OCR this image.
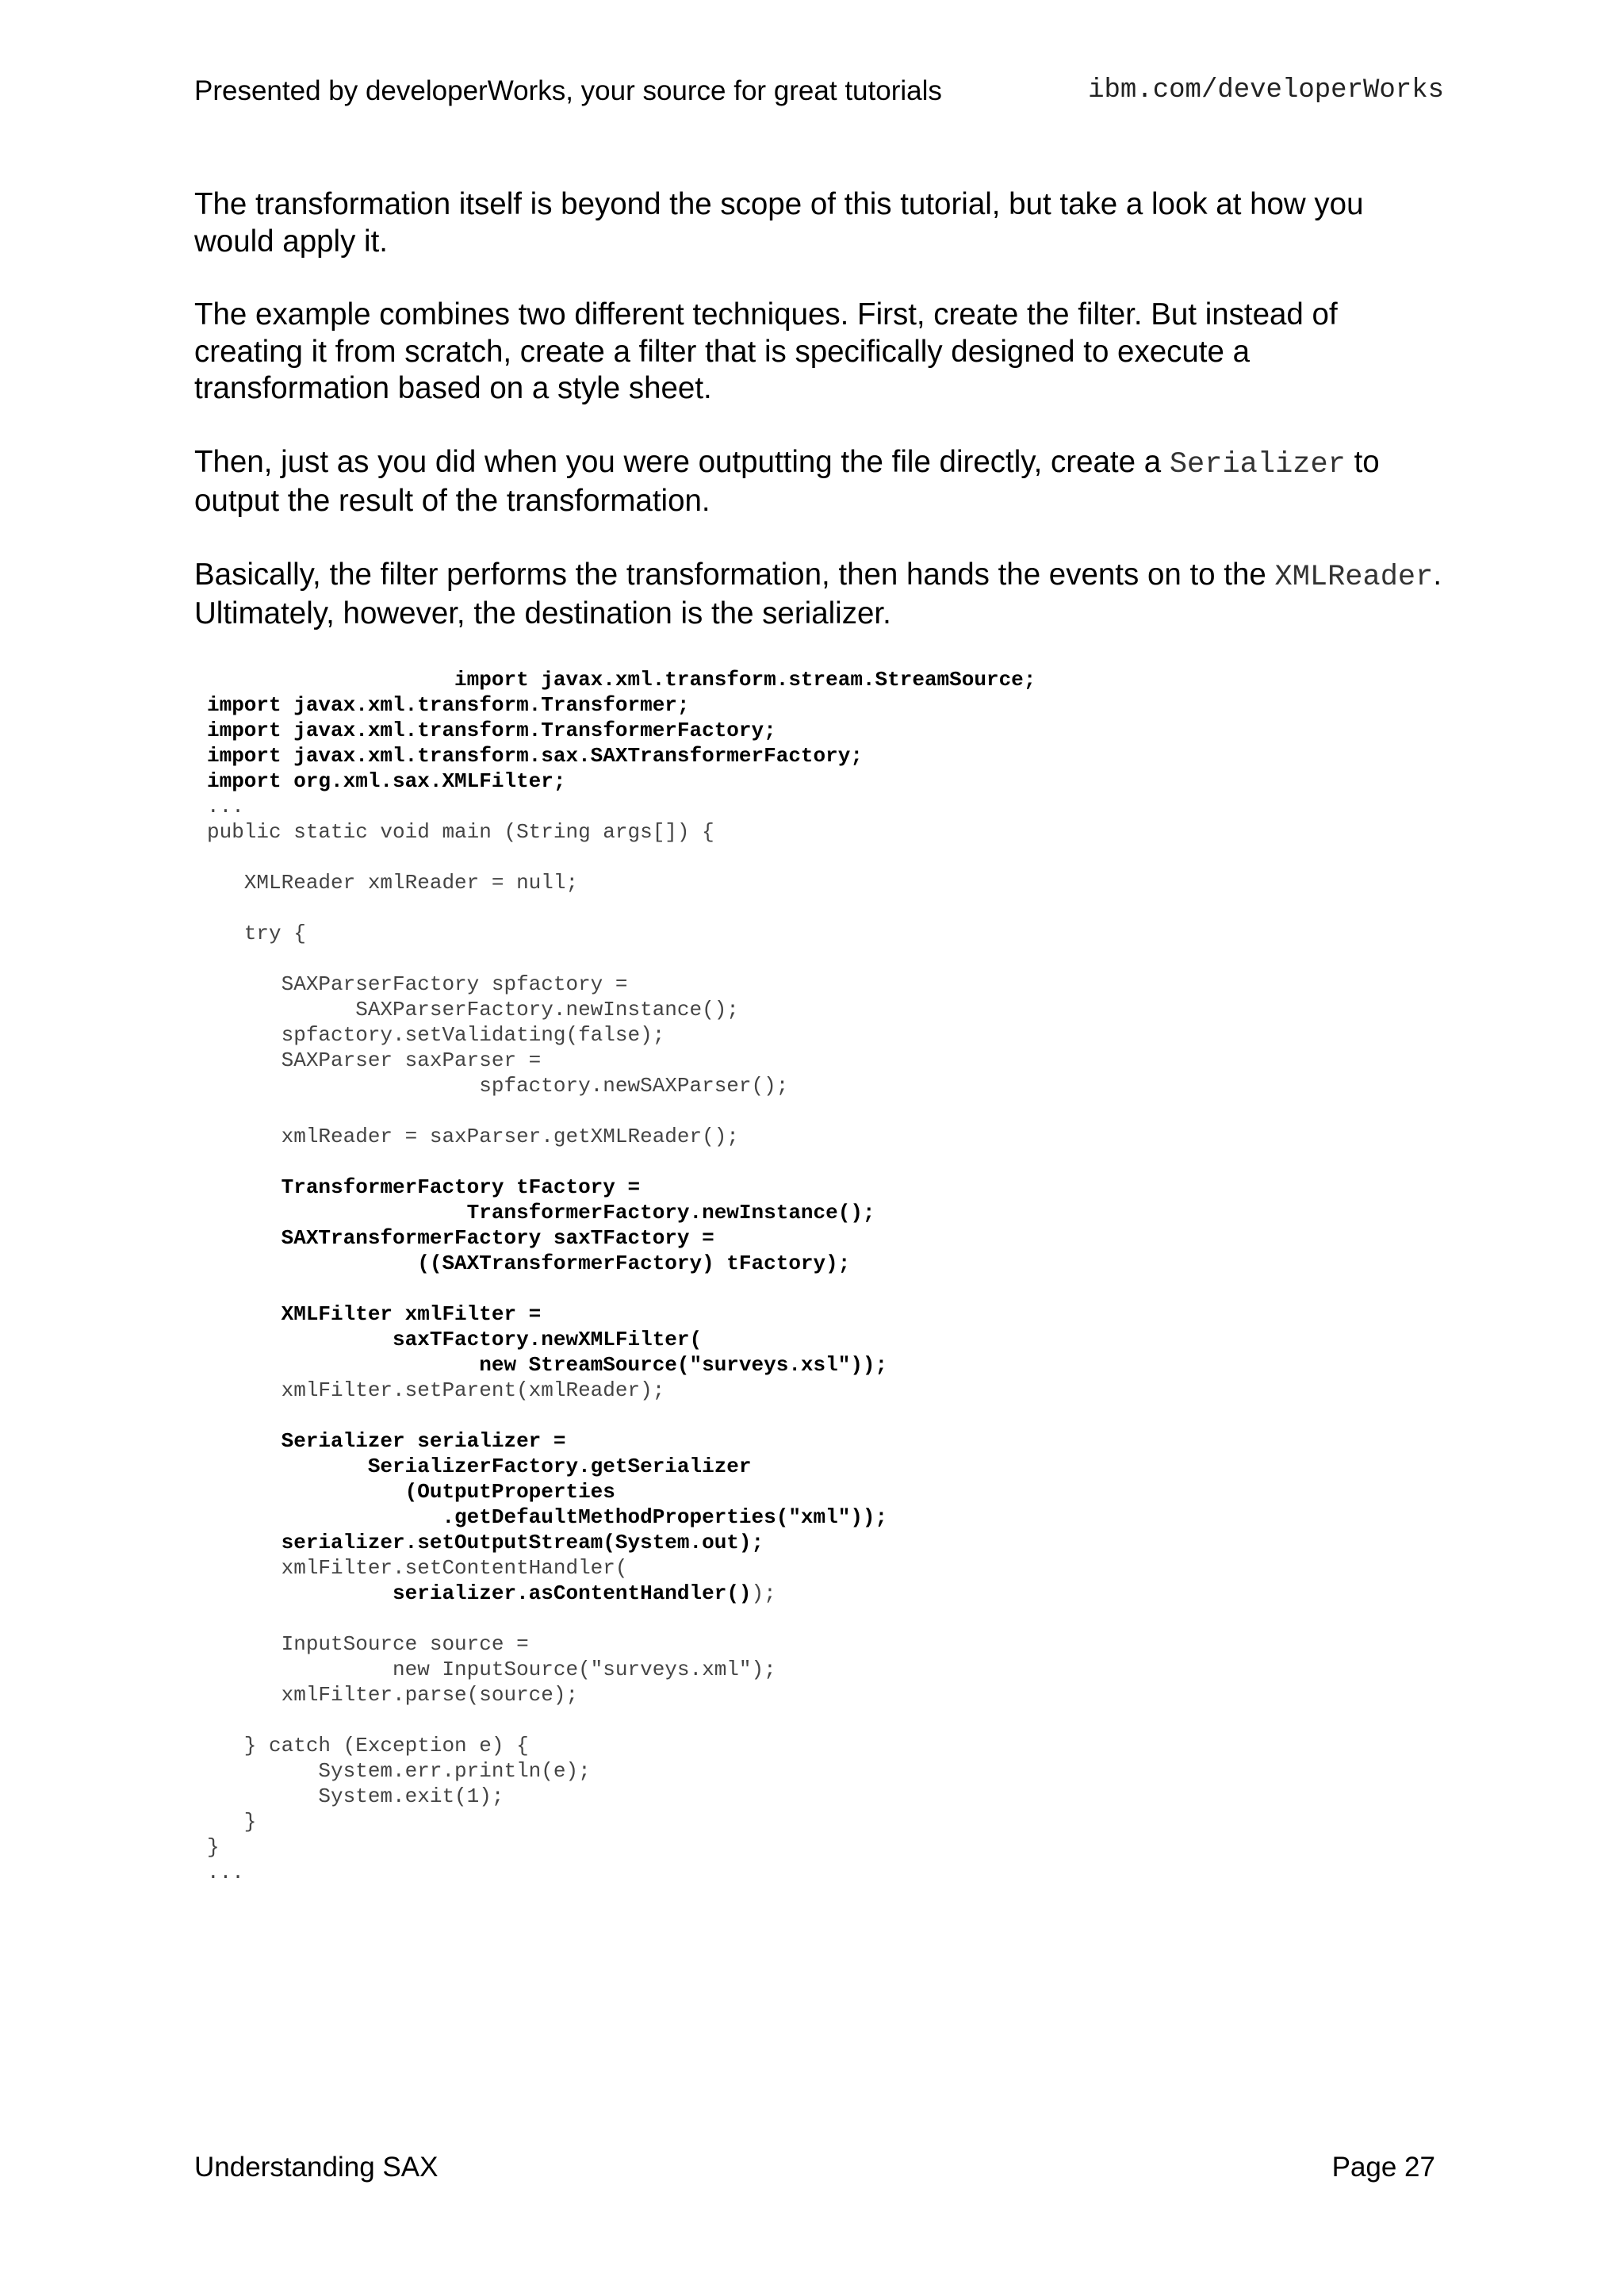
Presented by developerWorks, your source for great tutorials	ibm.com/developerWorks

The transformation itself is beyond the scope of this tutorial, but take a look at how you would apply it.

The example combines two different techniques. First, create the filter. But instead of creating it from scratch, create a filter that is specifically designed to execute a transformation based on a style sheet.

Then, just as you did when you were outputting the file directly, create a Serializer to output the result of the transformation.

Basically, the filter performs the transformation, then hands the events on to the XMLReader. Ultimately, however, the destination is the serializer.

import javax.xml.transform.stream.StreamSource;
import javax.xml.transform.Transformer;
import javax.xml.transform.TransformerFactory;
import javax.xml.transform.sax.SAXTransformerFactory;
import org.xml.sax.XMLFilter;
...
public static void main (String args[]) {
XMLReader xmlReader = null;
try {
SAXParserFactory spfactory =
SAXParserFactory.newInstance();
spfactory.setValidating(false);
SAXParser saxParser =
spfactory.newSAXParser();
xmlReader = saxParser.getXMLReader();
TransformerFactory tFactory =
TransformerFactory.newInstance();
SAXTransformerFactory saxTFactory =
((SAXTransformerFactory) tFactory);
XMLFilter xmlFilter =
saxTFactory.newXMLFilter(
new StreamSource("surveys.xsl"));
xmlFilter.setParent(xmlReader);
Serializer serializer =
SerializerFactory.getSerializer
(OutputProperties
.getDefaultMethodProperties("xml"));
serializer.setOutputStream(System.out);
xmlFilter.setContentHandler(
serializer.asContentHandler());
InputSource source =
new InputSource("surveys.xml");
xmlFilter.parse(source);
} catch (Exception e) {
System.err.println(e);
System.exit(1);
}
}
...
Understanding SAX	Page 27
